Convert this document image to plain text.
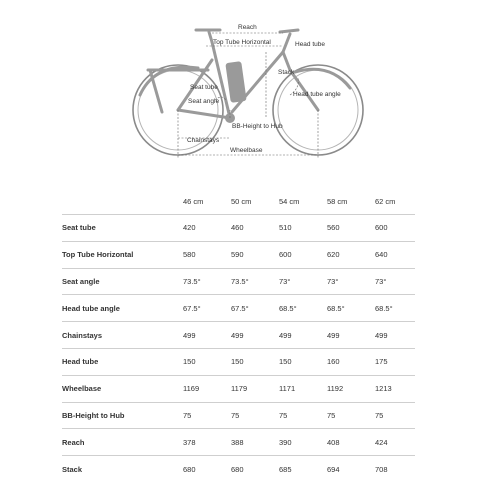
Reach
Top Tube Horizontal	Head tube
Stack
Seat tube
Seat angle
Head tube angle
BB-Height to Hub
Chainstays
Wheelbase
	46 cm	50 cm	54 cm	58 cm	62 cm
Seat tube	420	460	510	560	600
Top Tube Horizontal	580	590	600	620	640
Seat angle	73.5°	73.5°	73°	73°	73°
Head tube angle	67.5°	67.5°	68.5°	68.5°	68.5°
Chainstays	499	499	499	499	499
Head tube	150	150	150	160	175
Wheelbase	1169	1179	1171	1192	1213
BB-Height to Hub	75	75	75	75	75
Reach	378	388	390	408	424
Stack	680	680	685	694	708
